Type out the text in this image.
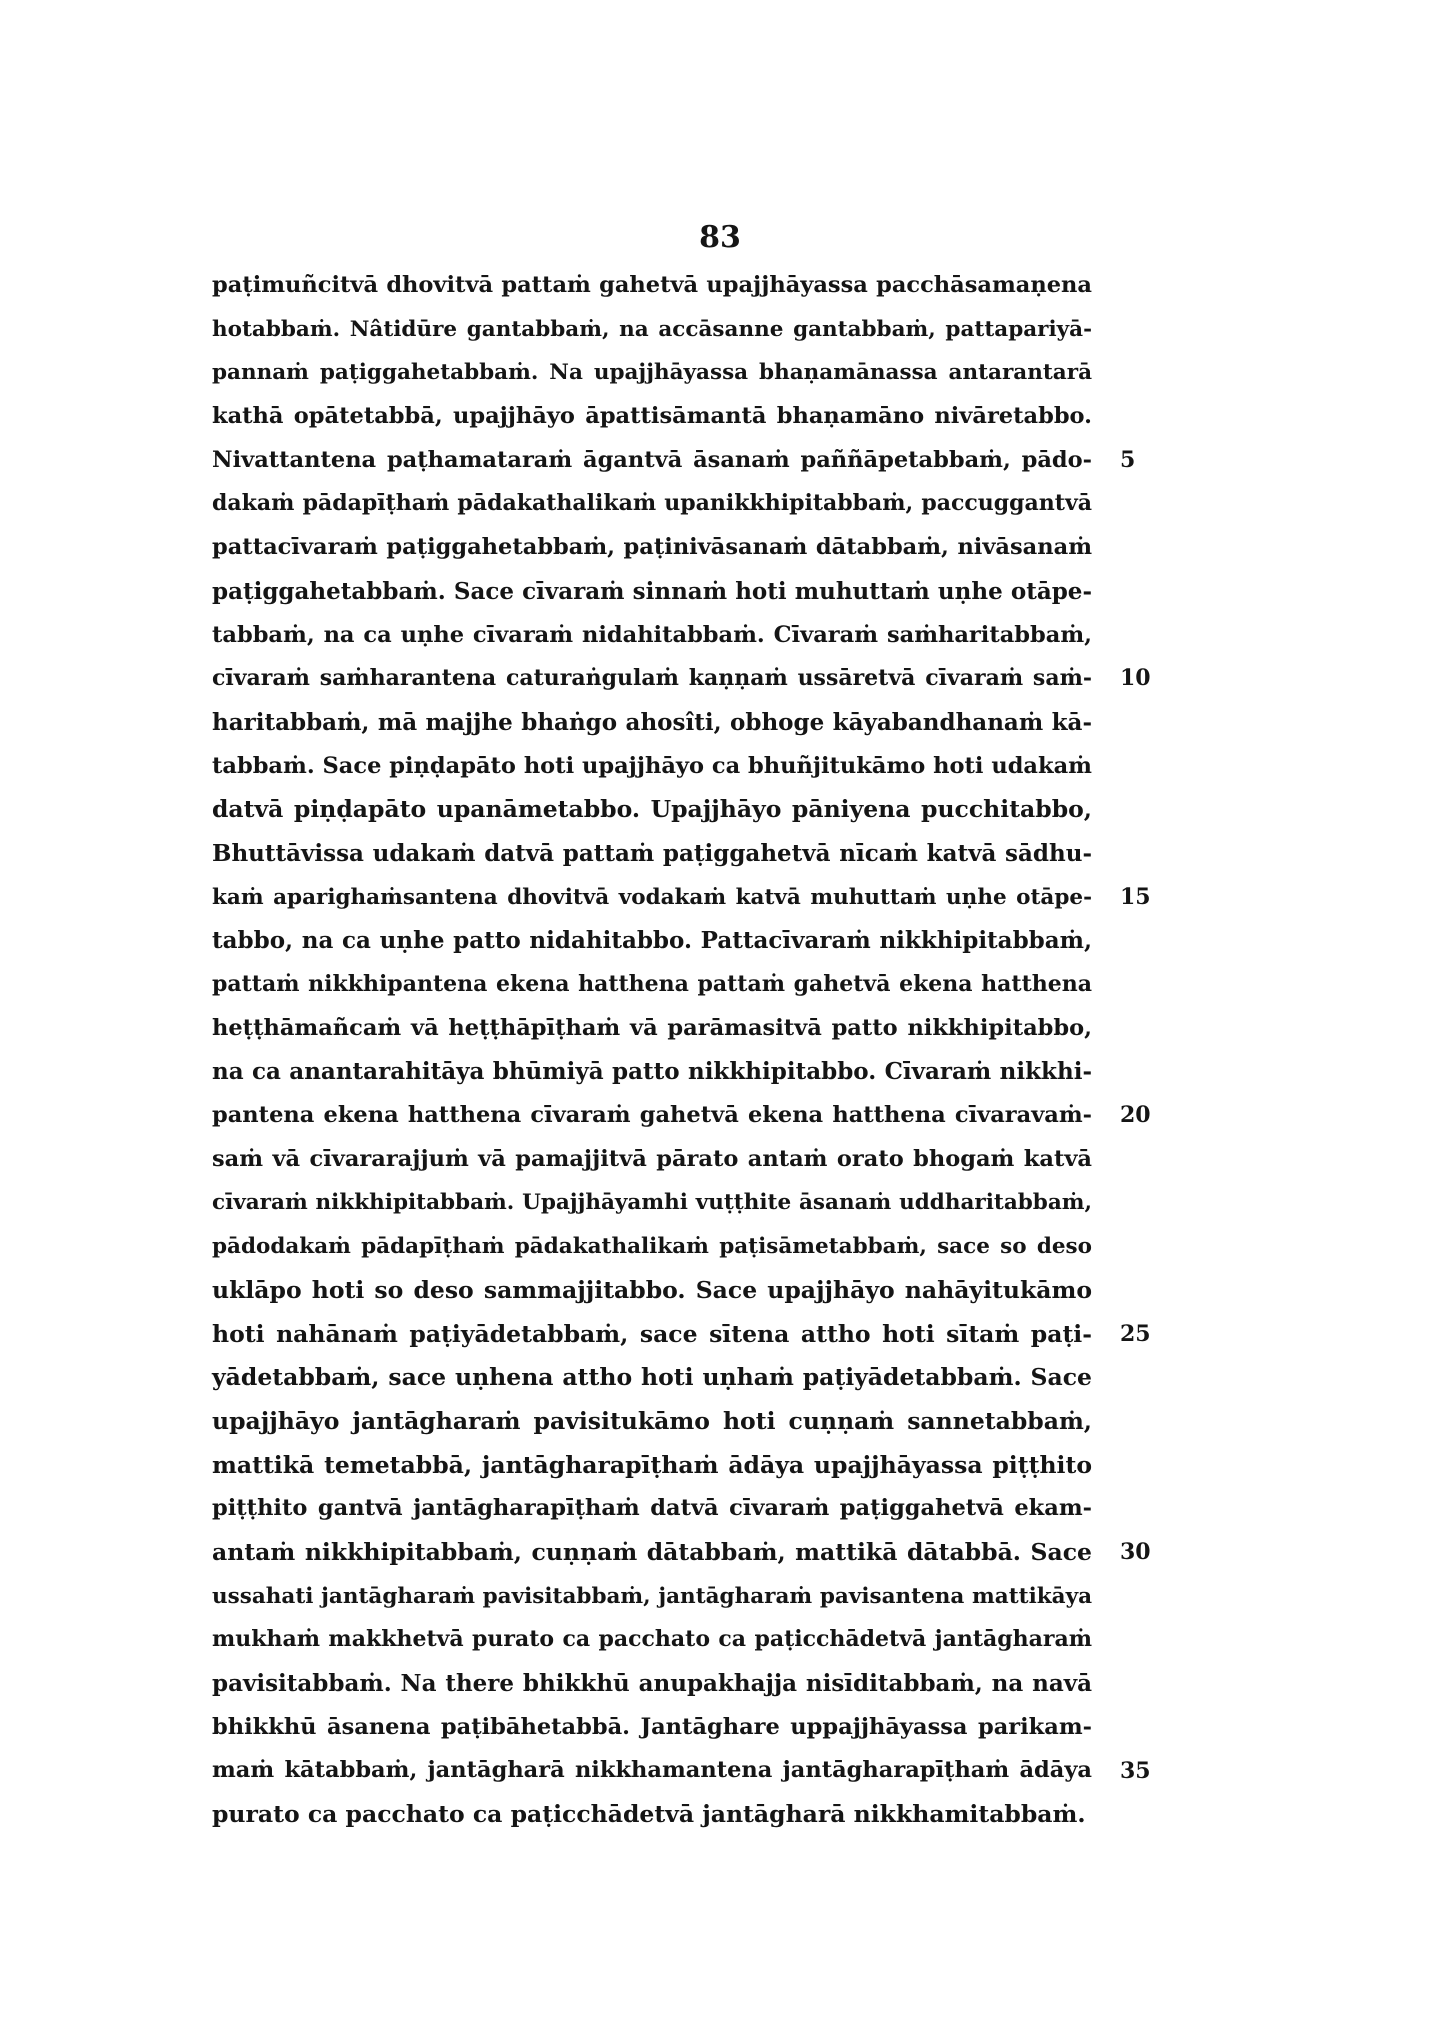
83
paṭimuñcitvā dhovitvā pattaṁ gahetvā upajjhāyassa pacchāsamaṇena
hotabbaṁ. Nâtidūre gantabbaṁ, na accāsanne gantabbaṁ, pattapariyā-
pannaṁ paṭiggahetabbaṁ. Na upajjhāyassa bhaṇamānassa antarantarā
kathā opātetabbā, upajjhāyo āpattisāmantā bhaṇamāno nivāretabbo.
Nivattantena paṭhamataraṁ āgantvā āsanaṁ paññāpetabbaṁ, pādo-
dakaṁ pādapīṭhaṁ pādakathalikaṁ upanikkhipitabbaṁ, paccuggantvā
pattacīvaraṁ paṭiggahetabbaṁ, paṭinivāsanaṁ dātabbaṁ, nivāsanaṁ
paṭiggahetabbaṁ. Sace cīvaraṁ sinnaṁ hoti muhuttaṁ uṇhe otāpe-
tabbaṁ, na ca uṇhe cīvaraṁ nidahitabbaṁ. Cīvaraṁ saṁharitabbaṁ,
cīvaraṁ saṁharantena caturaṅgulaṁ kaṇṇaṁ ussāretvā cīvaraṁ saṁ-
haritabbaṁ, mā majjhe bhaṅgo ahosîti, obhoge kāyabandhanaṁ kā-
tabbaṁ. Sace piṇḍapāto hoti upajjhāyo ca bhuñjitukāmo hoti udakaṁ
datvā piṇḍapāto upanāmetabbo. Upajjhāyo pāniyena pucchitabbo,
Bhuttāvissa udakaṁ datvā pattaṁ paṭiggahetvā nīcaṁ katvā sādhu-
kaṁ aparighaṁsantena dhovitvā vodakaṁ katvā muhuttaṁ uṇhe otāpe-
tabbo, na ca uṇhe patto nidahitabbo. Pattacīvaraṁ nikkhipitabbaṁ,
pattaṁ nikkhipantena ekena hatthena pattaṁ gahetvā ekena hatthena
heṭṭhāmañcaṁ vā heṭṭhāpīṭhaṁ vā parāmasitvā patto nikkhipitabbo,
na ca anantarahitāya bhūmiyā patto nikkhipitabbo. Cīvaraṁ nikkhi-
pantena ekena hatthena cīvaraṁ gahetvā ekena hatthena cīvaravaṁ-
saṁ vā cīvararajjuṁ vā pamajjitvā pārato antaṁ orato bhogaṁ katvā
cīvaraṁ nikkhipitabbaṁ. Upajjhāyamhi vuṭṭhite āsanaṁ uddharitabbaṁ,
pādodakaṁ pādapīṭhaṁ pādakathalikaṁ paṭisāmetabbaṁ, sace so deso
uklāpo hoti so deso sammajjitabbo. Sace upajjhāyo nahāyitukāmo
hoti nahānaṁ paṭiyādetabbaṁ, sace sītena attho hoti sītaṁ paṭi-
yādetabbaṁ, sace uṇhena attho hoti uṇhaṁ paṭiyādetabbaṁ. Sace
upajjhāyo jantāgharaṁ pavisitukāmo hoti cuṇṇaṁ sannetabbaṁ,
mattikā temetabbā, jantāgharapīṭhaṁ ādāya upajjhāyassa piṭṭhito
piṭṭhito gantvā jantāgharapīṭhaṁ datvā cīvaraṁ paṭiggahetvā ekam-
antaṁ nikkhipitabbaṁ, cuṇṇaṁ dātabbaṁ, mattikā dātabbā. Sace
ussahati jantāgharaṁ pavisitabbaṁ, jantāgharaṁ pavisantena mattikāya
mukhaṁ makkhetvā purato ca pacchato ca paṭicchādetvā jantāgharaṁ
pavisitabbaṁ. Na there bhikkhū anupakhajja nisīditabbaṁ, na navā
bhikkhū āsanena paṭibāhetabbā. Jantāghare uppajjhāyassa parikam-
maṁ kātabbaṁ, jantāgharā nikkhamantena jantāgharapīṭhaṁ ādāya
purato ca pacchato ca paṭicchādetvā jantāgharā nikkhamitabbaṁ.
5
10
15
20
25
30
35
